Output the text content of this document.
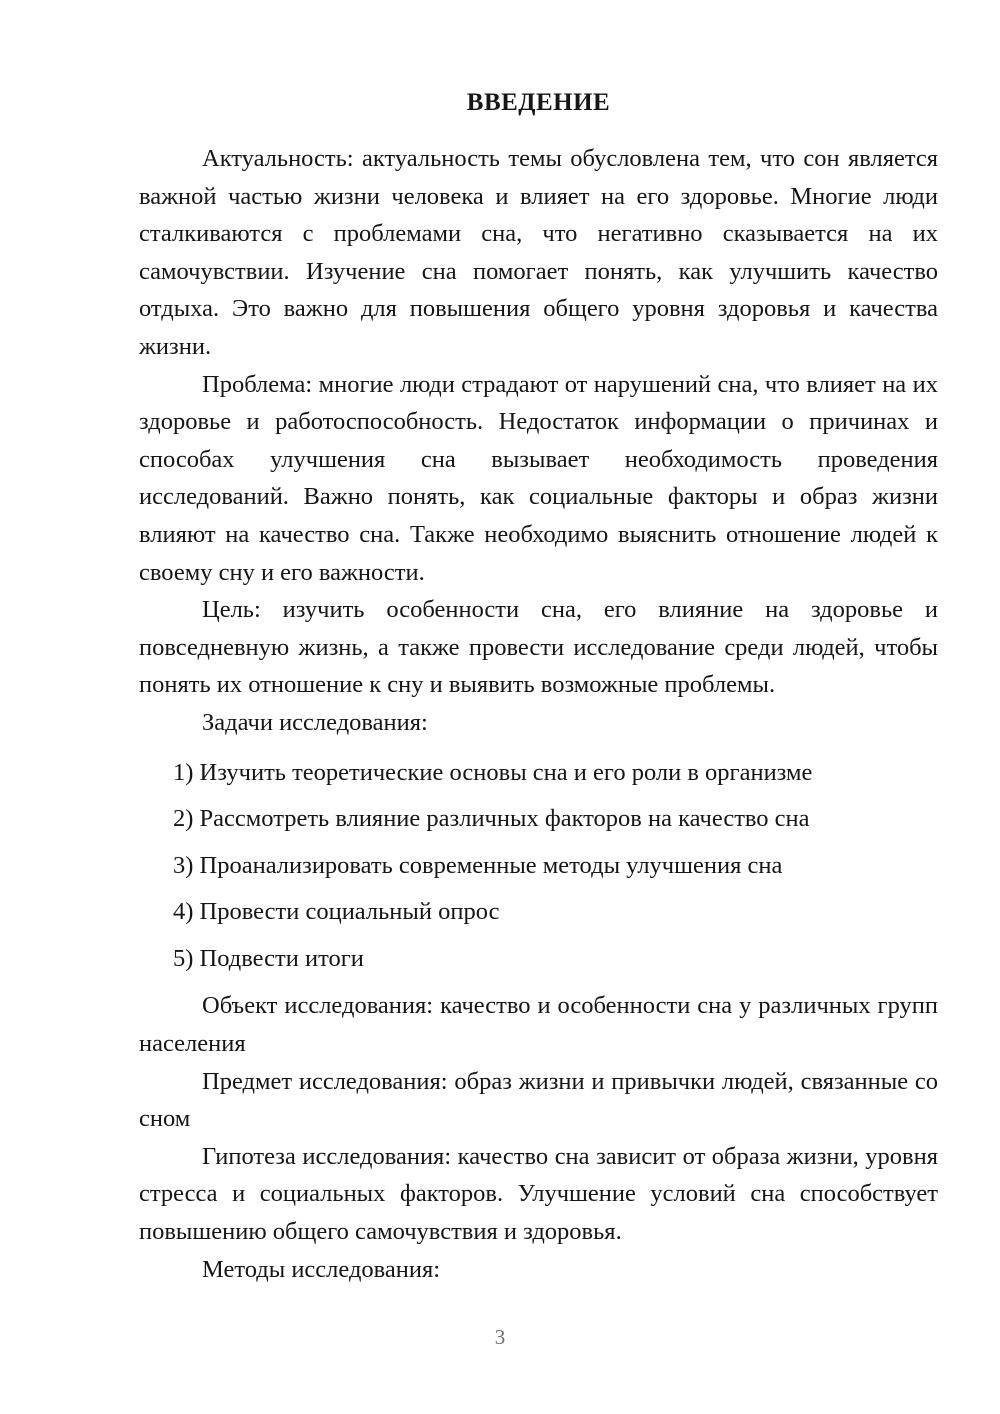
ВВЕДЕНИЕ

Актуальность: актуальность темы обусловлена тем, что сон является важной частью жизни человека и влияет на его здоровье. Многие люди сталкиваются с проблемами сна, что негативно сказывается на их самочувствии. Изучение сна помогает понять, как улучшить качество отдыха. Это важно для повышения общего уровня здоровья и качества жизни.

Проблема: многие люди страдают от нарушений сна, что влияет на их здоровье и работоспособность. Недостаток информации о причинах и способах улучшения сна вызывает необходимость проведения исследований. Важно понять, как социальные факторы и образ жизни влияют на качество сна. Также необходимо выяснить отношение людей к своему сну и его важности.

Цель: изучить особенности сна, его влияние на здоровье и повседневную жизнь, а также провести исследование среди людей, чтобы понять их отношение к сну и выявить возможные проблемы.

Задачи исследования:

1) Изучить теоретические основы сна и его роли в организме
2) Рассмотреть влияние различных факторов на качество сна
3) Проанализировать современные методы улучшения сна
4) Провести социальный опрос
5) Подвести итоги

Объект исследования: качество и особенности сна у различных групп населения

Предмет исследования: образ жизни и привычки людей, связанные со сном

Гипотеза исследования: качество сна зависит от образа жизни, уровня стресса и социальных факторов. Улучшение условий сна способствует повышению общего самочувствия и здоровья.

Методы исследования:

3
